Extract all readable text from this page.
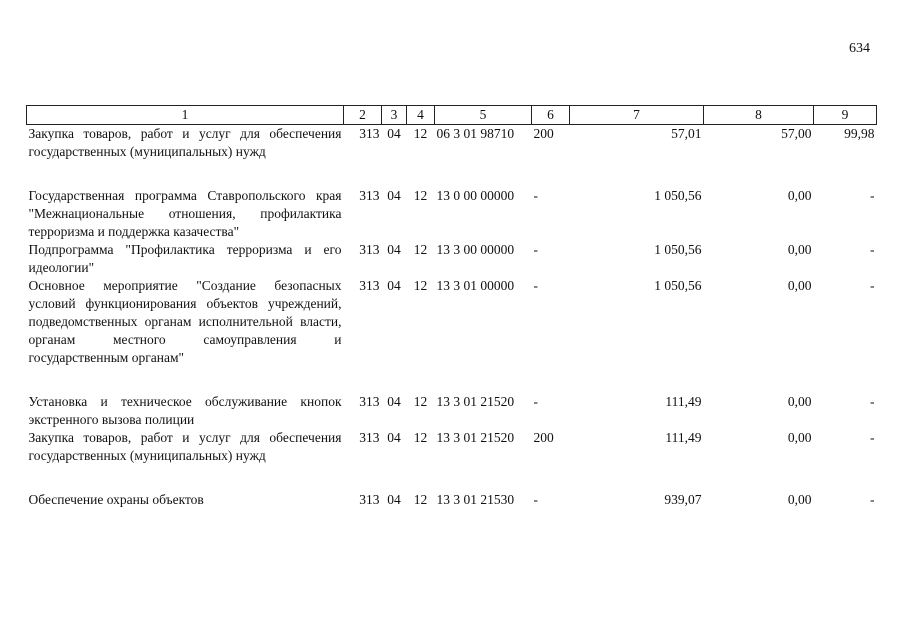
634
1	2	3	4	5	6	7	8	9
Закупка товаров, работ и услуг для обеспечения государственных (муниципальных) нужд	313	04	12	06 3 01 98710	200	57,01	57,00	99,98
Государственная программа Ставропольского края "Межнациональные отношения, профилактика терроризма и поддержка казачества"	313	04	12	13 0 00 00000	-	1 050,56	0,00	-
Подпрограмма "Профилактика терроризма и его идеологии"	313	04	12	13 3 00 00000	-	1 050,56	0,00	-
Основное мероприятие "Создание безопасных условий функционирования объектов учреждений, подведомственных органам исполнительной власти, органам местного самоуправления и государственным органам"	313	04	12	13 3 01 00000	-	1 050,56	0,00	-
Установка и техническое обслуживание кнопок экстренного вызова полиции	313	04	12	13 3 01 21520	-	111,49	0,00	-
Закупка товаров, работ и услуг для обеспечения государственных (муниципальных) нужд	313	04	12	13 3 01 21520	200	111,49	0,00	-
Обеспечение охраны объектов	313	04	12	13 3 01 21530	-	939,07	0,00	-
